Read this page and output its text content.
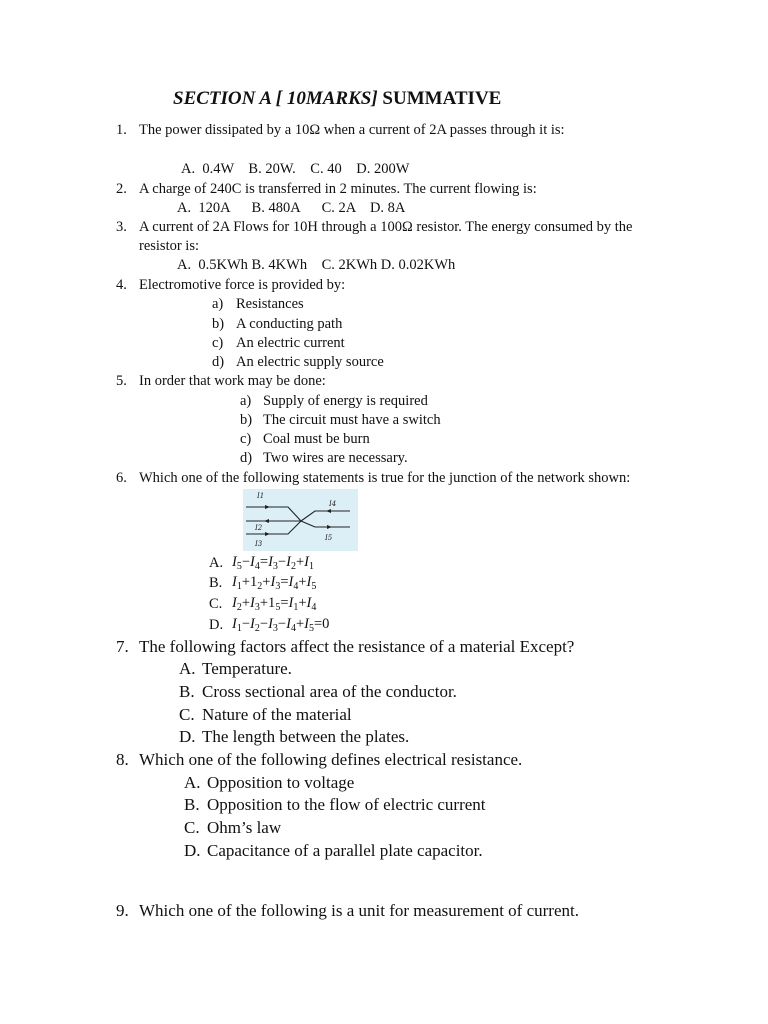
SECTION A [ 10MARKS] SUMMATIVE
1. The power dissipated by a 10Ω when a current of 2A passes through it is:
A.  0.4W    B. 20W.    C. 40    D. 200W
2. A charge of 240C is transferred in 2 minutes. The current flowing is:
A.  120A      B. 480A      C. 2A    D. 8A
3. A current of 2A Flows for 10H through a 100Ω resistor. The energy consumed by the
resistor is:
A.  0.5KWh B. 4KWh    C. 2KWh D. 0.02KWh
4. Electromotive force is provided by:
a) Resistances
b) A conducting path
c) An electric current
d) An electric supply source
5. In order that work may be done:
a) Supply of energy is required
b) The circuit must have a switch
c) Coal must be burn
d) Two wires are necessary.
6. Which one of the following statements is true for the junction of the network shown:
I1
I2
I3
I4
I5
A. $I_5-I_4=I_3-I_2+I_1$
B. $I_1+1_2+I_3=I_4+I_5$
C. $I_2+I_3+1_5=I_1+I_4$
D. $I_1-I_2-I_3-I_4+I_5=0$
7. The following factors affect the resistance of a material Except?
A. Temperature.
B. Cross sectional area of the conductor.
C. Nature of the material
D. The length between the plates.
8. Which one of the following defines electrical resistance.
A. Opposition to voltage
B. Opposition to the flow of electric current
C. Ohm’s law
D. Capacitance of a parallel plate capacitor.
9. Which one of the following is a unit for measurement of current.
